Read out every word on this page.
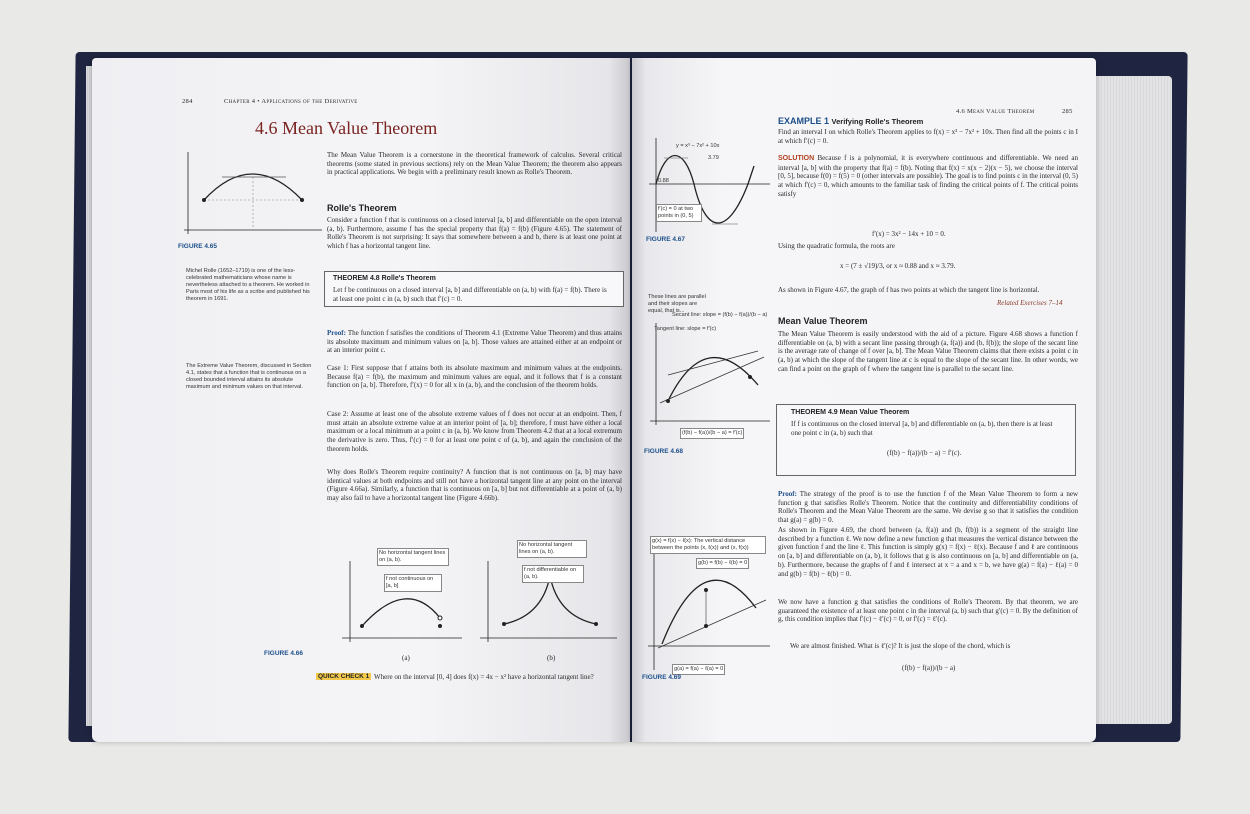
284	Chapter 4 • Applications of the Derivative
4.6 Mean Value Theorem
FIGURE 4.65
The Mean Value Theorem is a cornerstone in the theoretical framework of calculus. Several critical theorems (some stated in previous sections) rely on the Mean Value Theorem; the theorem also appears in practical applications. We begin with a preliminary result known as Rolle's Theorem.
Rolle's Theorem
Consider a function f that is continuous on a closed interval [a, b] and differentiable on the open interval (a, b). Furthermore, assume f has the special property that f(a) = f(b) (Figure 4.65). The statement of Rolle's Theorem is not surprising: It says that somewhere between a and b, there is at least one point at which f has a horizontal tangent line.
Michel Rolle (1652–1719) is one of the less-celebrated mathematicians whose name is nevertheless attached to a theorem. He worked in Paris most of his life as a scribe and published his theorem in 1691.
The Extreme Value Theorem, discussed in Section 4.1, states that a function that is continuous on a closed bounded interval attains its absolute maximum and minimum values on that interval.
THEOREM 4.8 Rolle's Theorem
Let f be continuous on a closed interval [a, b] and differentiable on (a, b) with f(a) = f(b). There is at least one point c in (a, b) such that f′(c) = 0.
Proof: The function f satisfies the conditions of Theorem 4.1 (Extreme Value Theorem) and thus attains its absolute maximum and minimum values on [a, b]. Those values are attained either at an endpoint or at an interior point c.
Case 1: First suppose that f attains both its absolute maximum and minimum values at the endpoints. Because f(a) = f(b), the maximum and minimum values are equal, and it follows that f is a constant function on [a, b]. Therefore, f′(x) = 0 for all x in (a, b), and the conclusion of the theorem holds.
Case 2: Assume at least one of the absolute extreme values of f does not occur at an endpoint. Then, f must attain an absolute extreme value at an interior point of [a, b]; therefore, f must have either a local maximum or a local minimum at a point c in (a, b). We know from Theorem 4.2 that at a local extremum the derivative is zero. Thus, f′(c) = 0 for at least one point c of (a, b), and again the conclusion of the theorem holds.
Why does Rolle's Theorem require continuity? A function that is not continuous on [a, b] may have identical values at both endpoints and still not have a horizontal tangent line at any point on the interval (Figure 4.66a). Similarly, a function that is continuous on [a, b] but not differentiable at a point of (a, b) may also fail to have a horizontal tangent line (Figure 4.66b).
No horizontal tangent lines on (a, b).
f not continuous on [a, b]
No horizontal tangent lines on (a, b).
f not differentiable on (a, b).
(a)	(b)
FIGURE 4.66
QUICK CHECK 1 Where on the interval [0, 4] does f(x) = 4x − x² have a horizontal tangent line?
4.6 Mean Value Theorem	285
y = x³ − 7x² + 10x
0.88
3.79
f′(c) = 0 at two points in (0, 5)
FIGURE 4.67
EXAMPLE 1 Verifying Rolle's Theorem
Find an interval I on which Rolle's Theorem applies to f(x) = x³ − 7x² + 10x. Then find all the points c in I at which f′(c) = 0.
SOLUTION Because f is a polynomial, it is everywhere continuous and differentiable. We need an interval [a, b] with the property that f(a) = f(b). Noting that f(x) = x(x − 2)(x − 5), we choose the interval [0, 5], because f(0) = f(5) = 0 (other intervals are possible). The goal is to find points c in the interval (0, 5) at which f′(c) = 0, which amounts to the familiar task of finding the critical points of f. The critical points satisfy
f′(x) = 3x² − 14x + 10 = 0.
Using the quadratic formula, the roots are
x = (7 ± √19)/3, or x ≈ 0.88 and x ≈ 3.79.
As shown in Figure 4.67, the graph of f has two points at which the tangent line is horizontal.
Related Exercises 7–14
Mean Value Theorem
The Mean Value Theorem is easily understood with the aid of a picture. Figure 4.68 shows a function f differentiable on (a, b) with a secant line passing through (a, f(a)) and (b, f(b)); the slope of the secant line is the average rate of change of f over [a, b]. The Mean Value Theorem claims that there exists a point c in (a, b) at which the slope of the tangent line at c is equal to the slope of the secant line. In other words, we can find a point on the graph of f where the tangent line is parallel to the secant line.
These lines are parallel and their slopes are equal, that is...
Secant line: slope = (f(b) − f(a))/(b − a)
Tangent line: slope = f′(c)
(f(b) − f(a))/(b − a) = f′(c)
FIGURE 4.68
THEOREM 4.9 Mean Value Theorem
If f is continuous on the closed interval [a, b] and differentiable on (a, b), then there is at least one point c in (a, b) such that
(f(b) − f(a))/(b − a) = f′(c).
Proof: The strategy of the proof is to use the function f of the Mean Value Theorem to form a new function g that satisfies Rolle's Theorem. Notice that the continuity and differentiability conditions of Rolle's Theorem and the Mean Value Theorem are the same. We devise g so that it satisfies the condition that g(a) = g(b) = 0.
As shown in Figure 4.69, the chord between (a, f(a)) and (b, f(b)) is a segment of the straight line described by a function ℓ. We now define a new function g that measures the vertical distance between the given function f and the line ℓ. This function is simply g(x) = f(x) − ℓ(x). Because f and ℓ are continuous on [a, b] and differentiable on (a, b), it follows that g is also continuous on [a, b] and differentiable on (a, b). Furthermore, because the graphs of f and ℓ intersect at x = a and x = b, we have g(a) = f(a) − ℓ(a) = 0 and g(b) = f(b) − ℓ(b) = 0.
We now have a function g that satisfies the conditions of Rolle's Theorem. By that theorem, we are guaranteed the existence of at least one point c in the interval (a, b) such that g′(c) = 0. By the definition of g, this condition implies that f′(c) − ℓ′(c) = 0, or f′(c) = ℓ′(c).
We are almost finished. What is ℓ′(c)? It is just the slope of the chord, which is
(f(b) − f(a))/(b − a)
g(x) = f(x) − ℓ(x): The vertical distance between the points (x, ℓ(x)) and (x, f(x))
g(b) = f(b) − ℓ(b) = 0
g(a) = f(a) − ℓ(a) = 0
FIGURE 4.69
